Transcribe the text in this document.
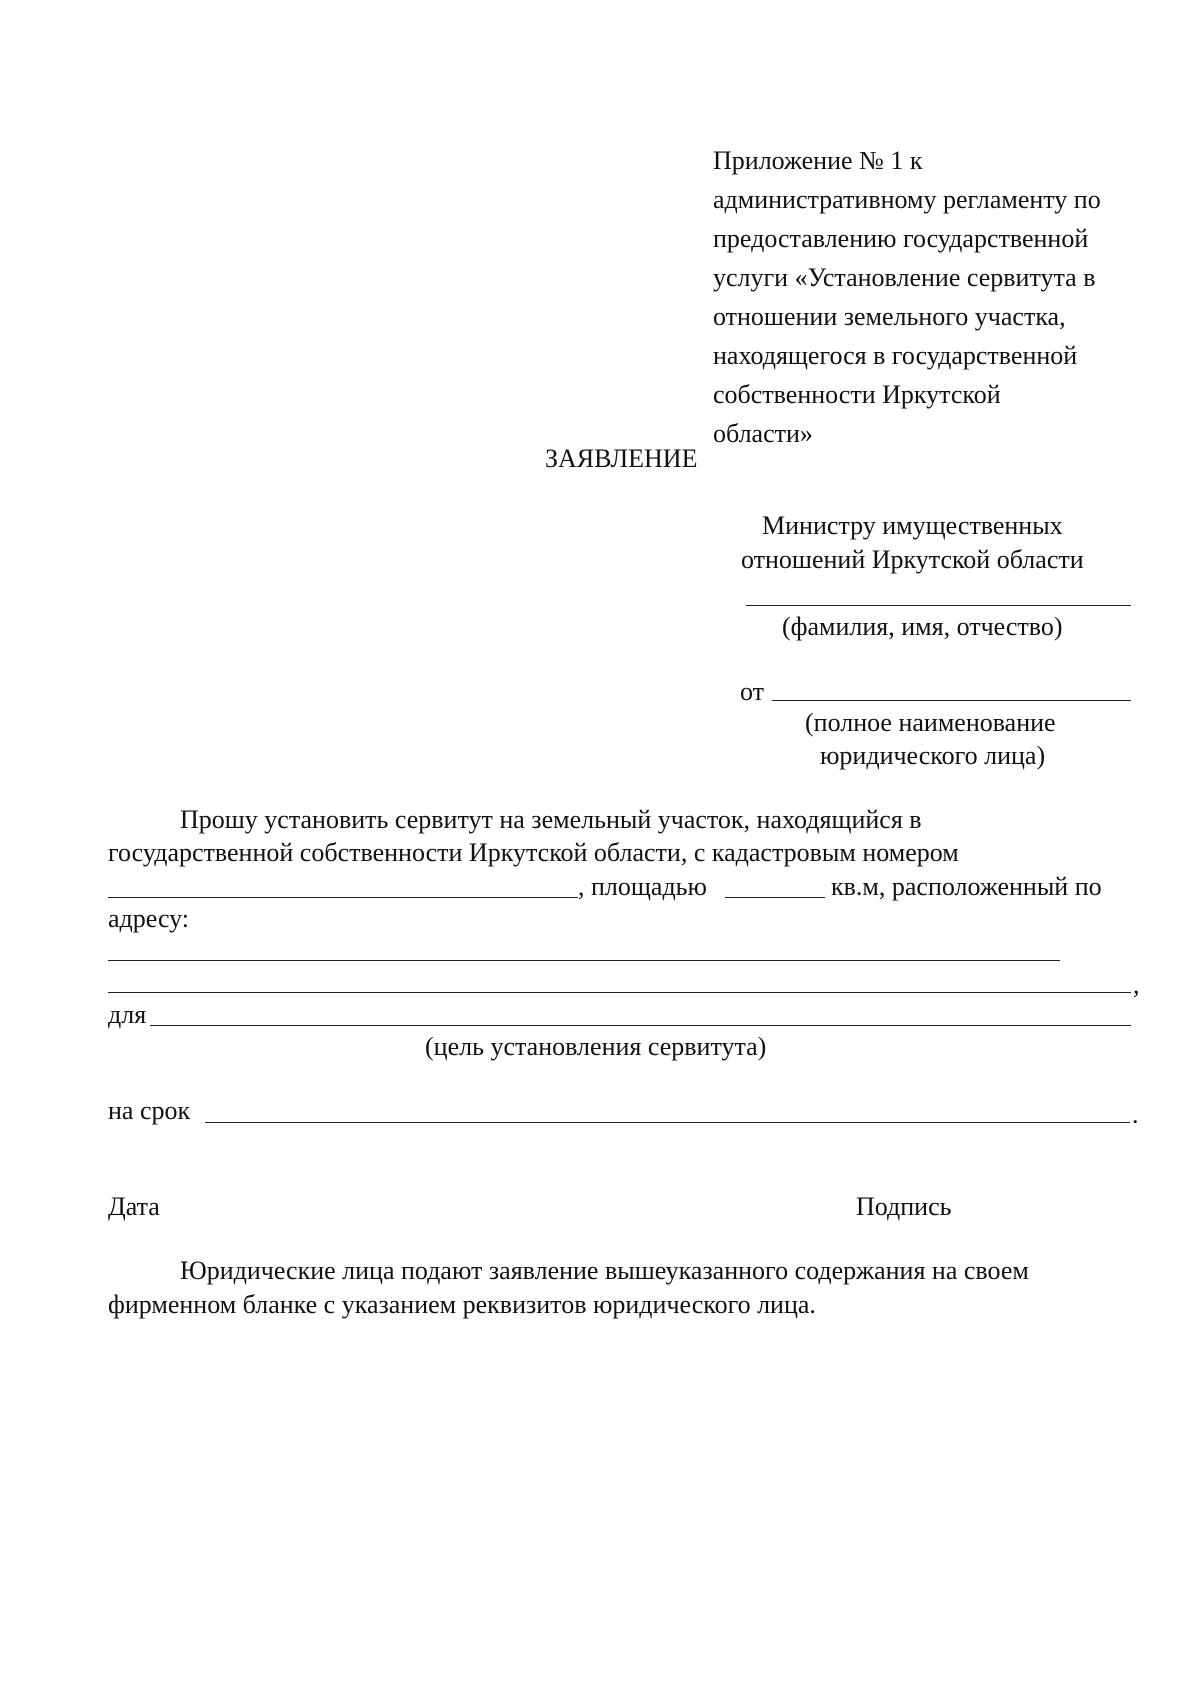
Приложение № 1 к
административному регламенту по
предоставлению государственной
услуги «Установление сервитута в
отношении земельного участка,
находящегося в государственной
собственности Иркутской
области»
ЗАЯВЛЕНИЕ
Министру имущественных
отношений Иркутской области
(фамилия, имя, отчество)
от
(полное наименование
юридического лица)
Прошу установить сервитут на земельный участок, находящийся в
государственной собственности Иркутской области, с кадастровым номером
, площадью	кв.м, расположенный по
адресу:
,
для
(цель установления сервитута)
на срок	.
Дата	Подпись
Юридические лица подают заявление вышеуказанного содержания на своем
фирменном бланке с указанием реквизитов юридического лица.
